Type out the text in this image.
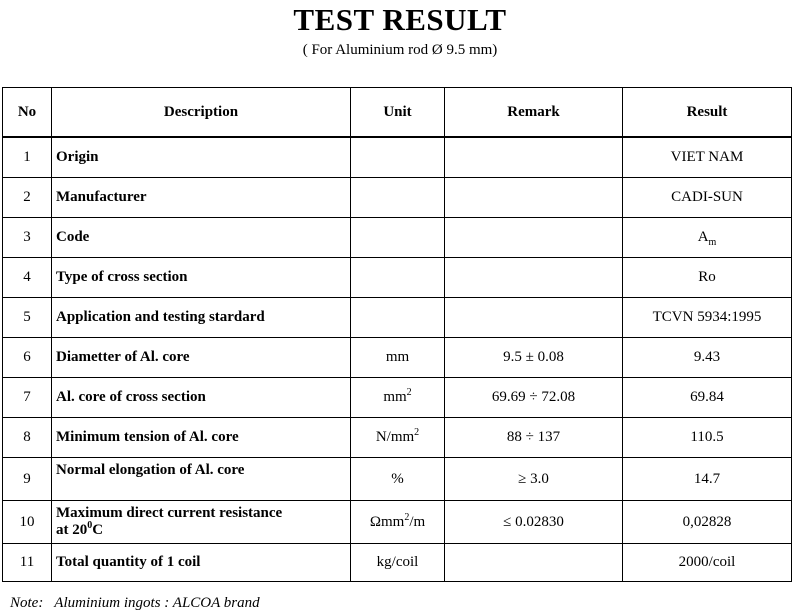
TEST RESULT
( For Aluminium rod Ø 9.5 mm)
No	Description	Unit	Remark	Result
1	Origin			VIET NAM
2	Manufacturer			CADI-SUN
3	Code			$A_m$
4	Type of cross section			Ro
5	Application and testing stardard			TCVN 5934:1995
6	Diametter of Al. core	mm	9.5 ± 0.08	9.43
7	Al. core of cross section	$mm^2$	69.69 ÷ 72.08	69.84
8	Minimum tension of Al. core	$N/mm^2$	88 ÷ 137	110.5
9	Normal elongation of Al. core	%	≥ 3.0	14.7
10	Maximum direct current resistance
at $20^0C$	Ωmm$^2$/m	≤ 0.02830	0,02828
11	Total quantity of 1 coil	kg/coil		2000/coil
Note:   Aluminium ingots : ALCOA brand
